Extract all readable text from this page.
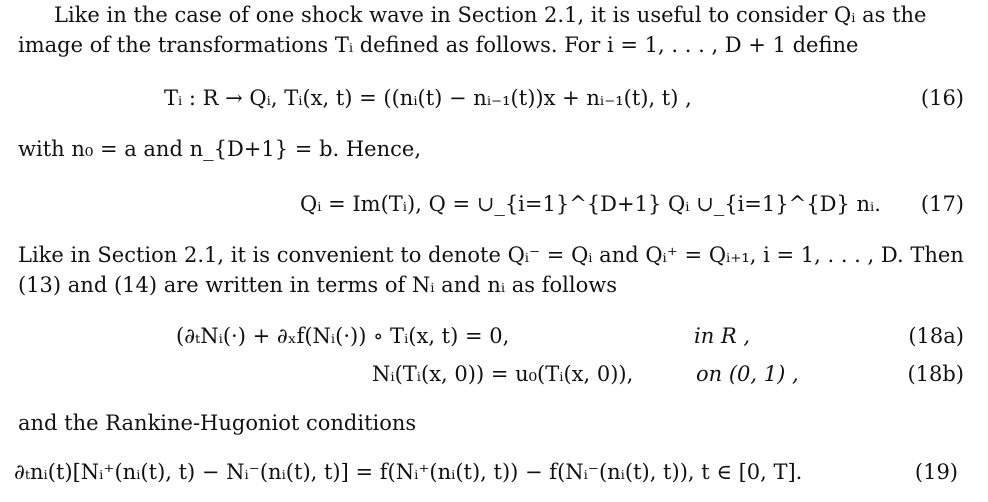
Like in the case of one shock wave in Section 2.1, it is useful to consider Qᵢ as the image of the transformations Tᵢ defined as follows. For i = 1, . . . , D + 1 define
Tᵢ : R → Qᵢ, Tᵢ(x, t) = ((nᵢ(t) − nᵢ₋₁(t))x + nᵢ₋₁(t), t) ,	(16)
with n₀ = a and n_{D+1} = b. Hence,
Qᵢ = Im(Tᵢ), Q = ∪_{i=1}^{D+1} Qᵢ ∪_{i=1}^{D} nᵢ. (17)
Like in Section 2.1, it is convenient to denote Qᵢ⁻ = Qᵢ and Qᵢ⁺ = Qᵢ₊₁, i = 1, . . . , D. Then (13) and (14) are written in terms of Nᵢ and nᵢ as follows
(∂ₜNᵢ(·) + ∂ₓf(Nᵢ(·)) ∘ Tᵢ(x, t) = 0,	in R ,	(18a)
Nᵢ(Tᵢ(x, 0)) = u₀(Tᵢ(x, 0)),	on (0, 1) ,	(18b)
and the Rankine-Hugoniot conditions
∂ₜnᵢ(t)[Nᵢ⁺(nᵢ(t), t) − Nᵢ⁻(nᵢ(t), t)] = f(Nᵢ⁺(nᵢ(t), t)) − f(Nᵢ⁻(nᵢ(t), t)), t ∈ [0, T].	(19)
